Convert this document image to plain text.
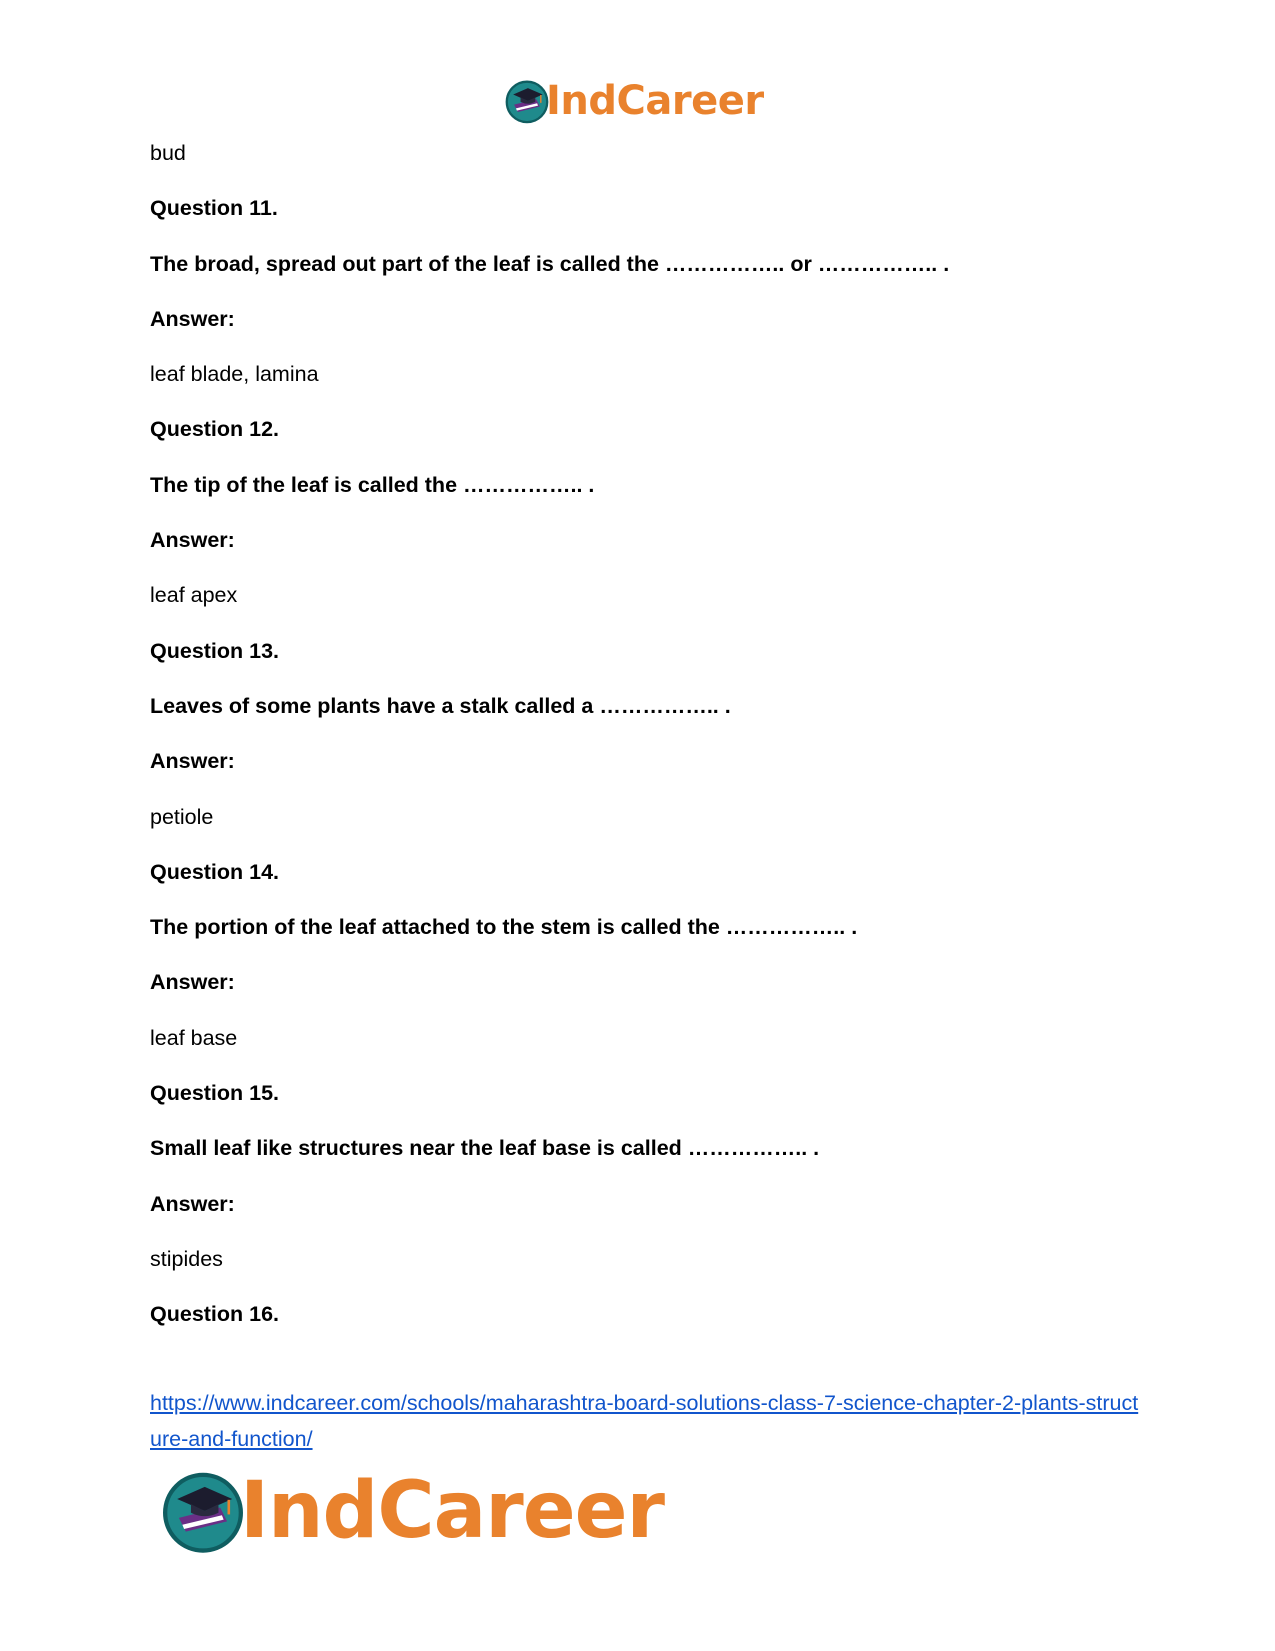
IndCareer
bud
Question 11.
The broad, spread out part of the leaf is called the …………….. or …………….. .
Answer:
leaf blade, lamina
Question 12.
The tip of the leaf is called the …………….. .
Answer:
leaf apex
Question 13.
Leaves of some plants have a stalk called a …………….. .
Answer:
petiole
Question 14.
The portion of the leaf attached to the stem is called the …………….. .
Answer:
leaf base
Question 15.
Small leaf like structures near the leaf base is called …………….. .
Answer:
stipides
Question 16.
https://www.indcareer.com/schools/maharashtra-board-solutions-class-7-science-chapter-2-plants-structure-and-function/
IndCareer
